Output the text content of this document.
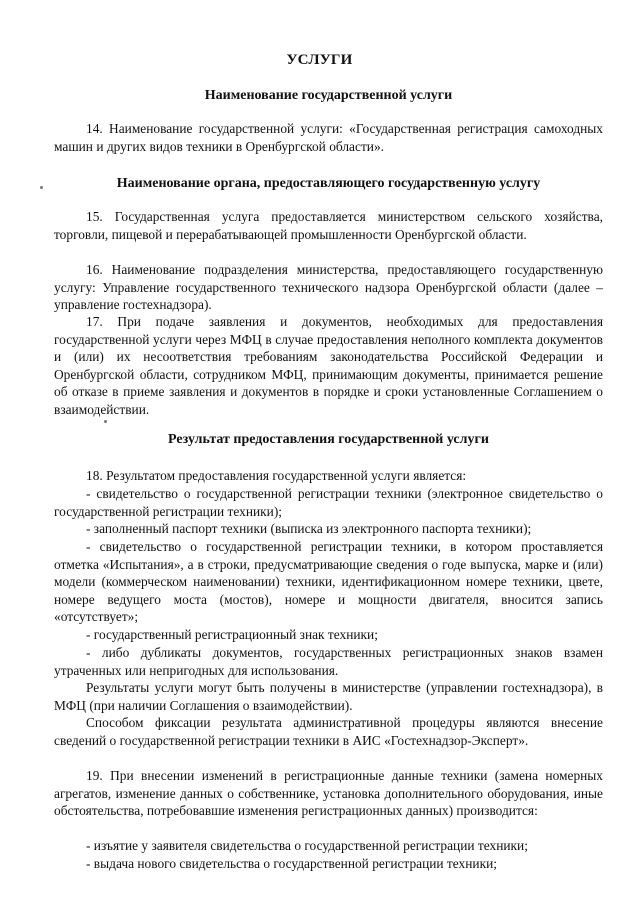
УСЛУГИ
Наименование государственной услуги
14. Наименование государственной услуги: «Государственная регистрация самоходных машин и других видов техники в Оренбургской области».
Наименование органа, предоставляющего государственную услугу
15. Государственная услуга предоставляется министерством сельского хозяйства, торговли, пищевой и перерабатывающей промышленности Оренбургской области.
16. Наименование подразделения министерства, предоставляющего государственную услугу: Управление государственного технического надзора Оренбургской области (далее – управление гостехнадзора).
17. При подаче заявления и документов, необходимых для предоставления государственной услуги через МФЦ в случае предоставления неполного комплекта документов и (или) их несоответствия требованиям законодательства Российской Федерации и Оренбургской области, сотрудником МФЦ, принимающим документы, принимается решение об отказе в приеме заявления и документов в порядке и сроки установленные Соглашением о взаимодействии.
Результат предоставления государственной услуги
18. Результатом предоставления государственной услуги является:
- свидетельство о государственной регистрации техники (электронное свидетельство о государственной регистрации техники);
- заполненный паспорт техники (выписка из электронного паспорта техники);
- свидетельство о государственной регистрации техники, в котором проставляется отметка «Испытания», а в строки, предусматривающие сведения о годе выпуска, марке и (или) модели (коммерческом наименовании) техники, идентификационном номере техники, цвете, номере ведущего моста (мостов), номере и мощности двигателя, вносится запись «отсутствует»;
- государственный регистрационный знак техники;
- либо дубликаты документов, государственных регистрационных знаков взамен утраченных или непригодных для использования.
Результаты услуги могут быть получены в министерстве (управлении гостехнадзора), в МФЦ (при наличии Соглашения о взаимодействии).
Способом фиксации результата административной процедуры являются внесение сведений о государственной регистрации техники в АИС «Гостехнадзор-Эксперт».
19. При внесении изменений в регистрационные данные техники (замена номерных агрегатов, изменение данных о собственнике, установка дополнительного оборудования, иные обстоятельства, потребовавшие изменения регистрационных данных) производится:
- изъятие у заявителя свидетельства о государственной регистрации техники;
- выдача нового свидетельства о государственной регистрации техники;
